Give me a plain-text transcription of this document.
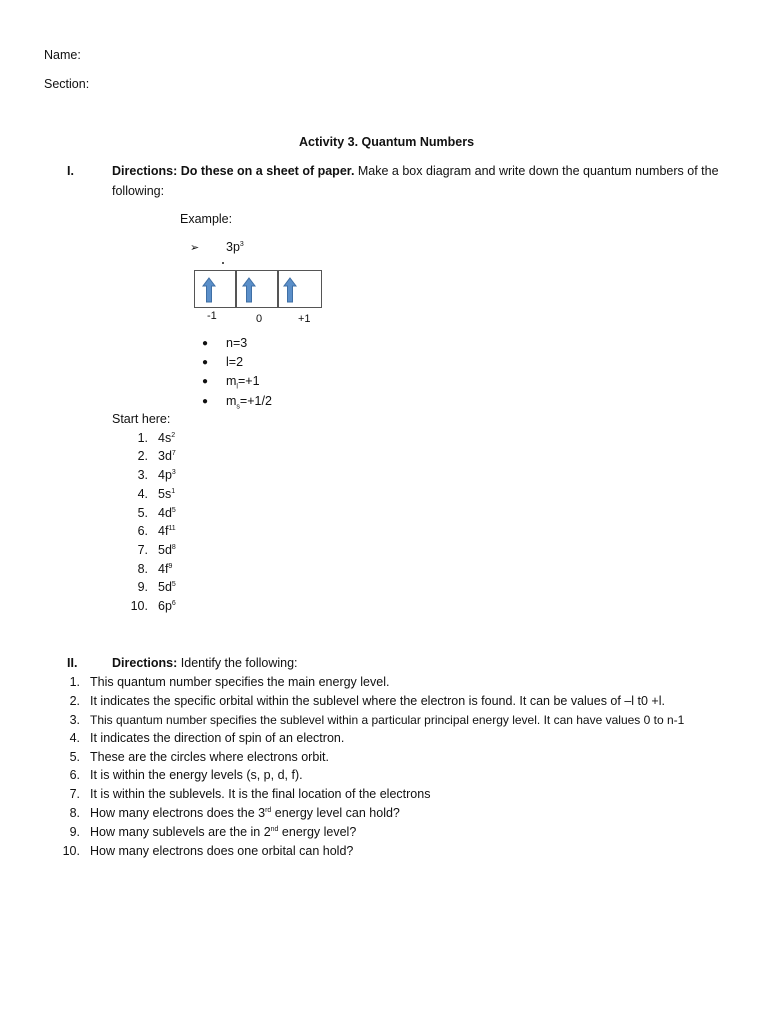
Name:
Section:
Activity 3. Quantum Numbers
I.	Directions: Do these on a sheet of paper. Make a box diagram and write down the quantum numbers of the
following:
Example:
➢ $3p^3$
-1	0	+1
● n=3
● l=2
● $m_l=+1$
● $m_s=+1/2$
Start here:
1. $4s^2$
2. $3d^7$
3. $4p^3$
4. $5s^1$
5. $4d^5$
6. $4f^{11}$
7. $5d^8$
8. $4f^9$
9. $5d^5$
10. $6p^6$
II.	Directions: Identify the following:
1. This quantum number specifies the main energy level.
2. It indicates the specific orbital within the sublevel where the electron is found. It can be values of –l t0 +l.
3. This quantum number specifies the sublevel within a particular principal energy level. It can have values 0 to n-1
4. It indicates the direction of spin of an electron.
5. These are the circles where electrons orbit.
6. It is within the energy levels (s, p, d, f).
7. It is within the sublevels. It is the final location of the electrons
8. How many electrons does the 3rd energy level can hold?
9. How many sublevels are the in 2nd energy level?
10. How many electrons does one orbital can hold?
